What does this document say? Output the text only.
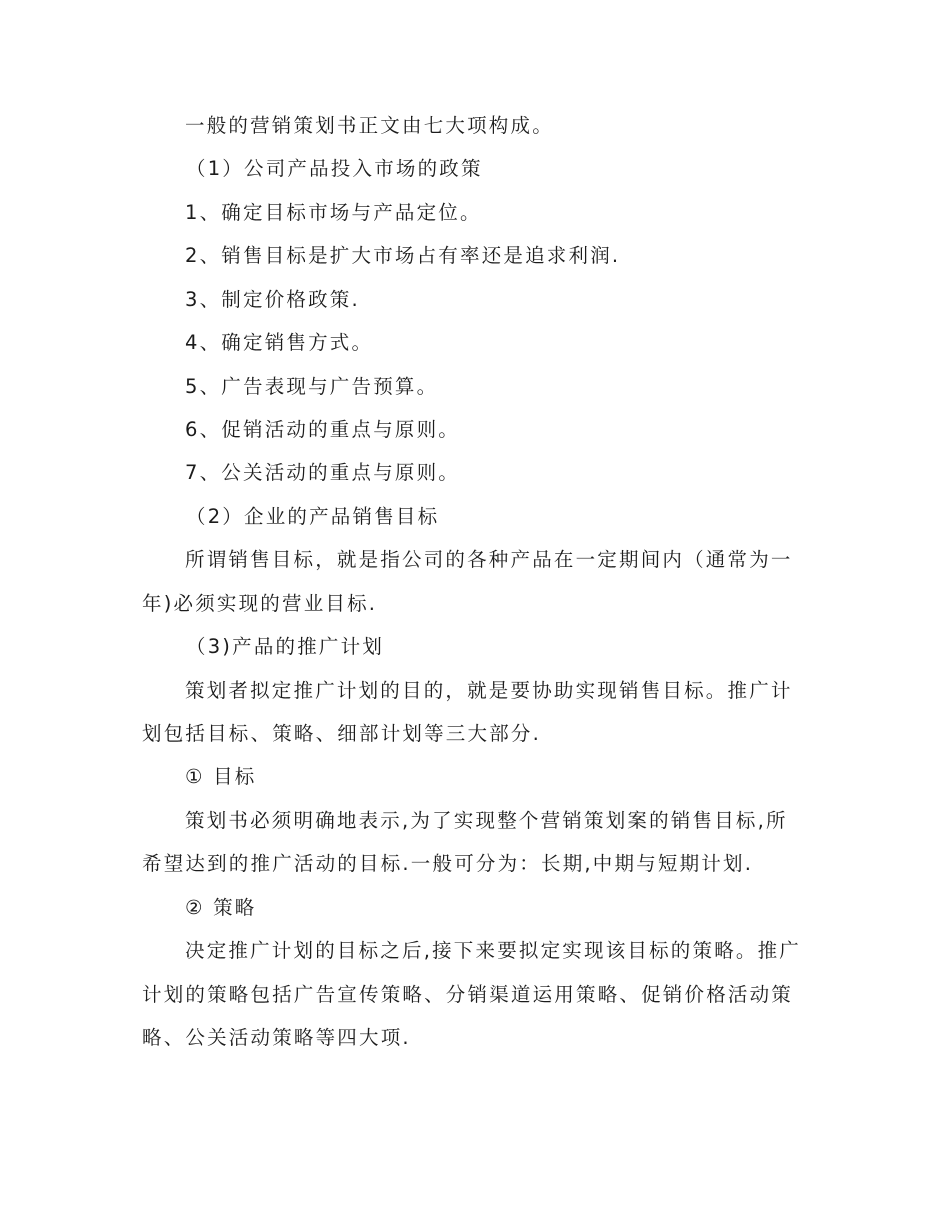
一般的营销策划书正文由七大项构成。
（1）公司产品投入市场的政策
1、确定目标市场与产品定位。
2、销售目标是扩大市场占有率还是追求利润.
3、制定价格政策.
4、确定销售方式。
5、广告表现与广告预算。
6、促销活动的重点与原则。
7、公关活动的重点与原则。
（2）企业的产品销售目标
所谓销售目标，就是指公司的各种产品在一定期间内（通常为一
年)必须实现的营业目标.
（3)产品的推广计划
策划者拟定推广计划的目的，就是要协助实现销售目标。推广计
划包括目标、策略、细部计划等三大部分.
① 目标
策划书必须明确地表示,为了实现整个营销策划案的销售目标,所
希望达到的推广活动的目标.一般可分为：长期,中期与短期计划.
② 策略
决定推广计划的目标之后,接下来要拟定实现该目标的策略。推广
计划的策略包括广告宣传策略、分销渠道运用策略、促销价格活动策
略、公关活动策略等四大项.
